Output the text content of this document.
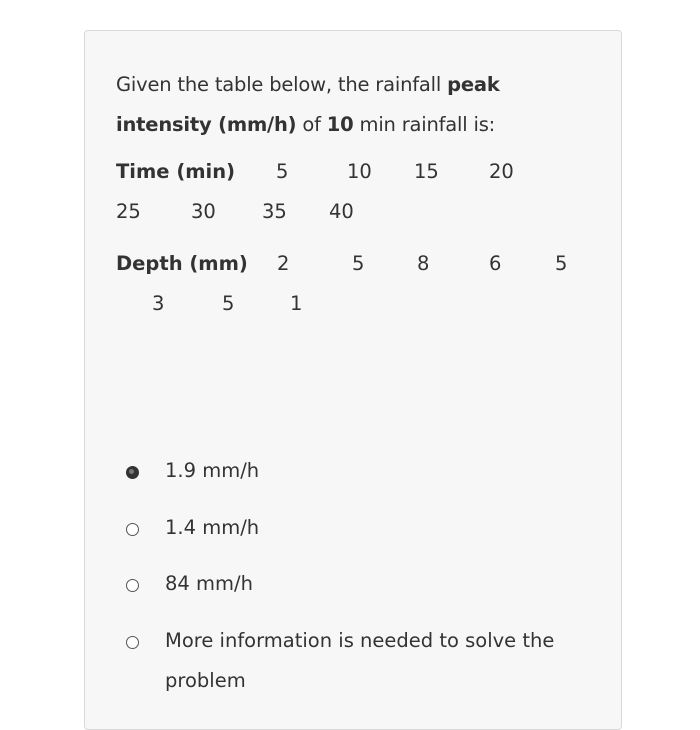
Given the table below, the rainfall peak intensity (mm/h) of 10 min rainfall is:
Time (min) 5	10 15	20
25	30 35 40
Depth (mm) 2	5	8	6	5
3	5	1
1.9 mm/h
1.4 mm/h
84 mm/h
More information is needed to solve the problem
